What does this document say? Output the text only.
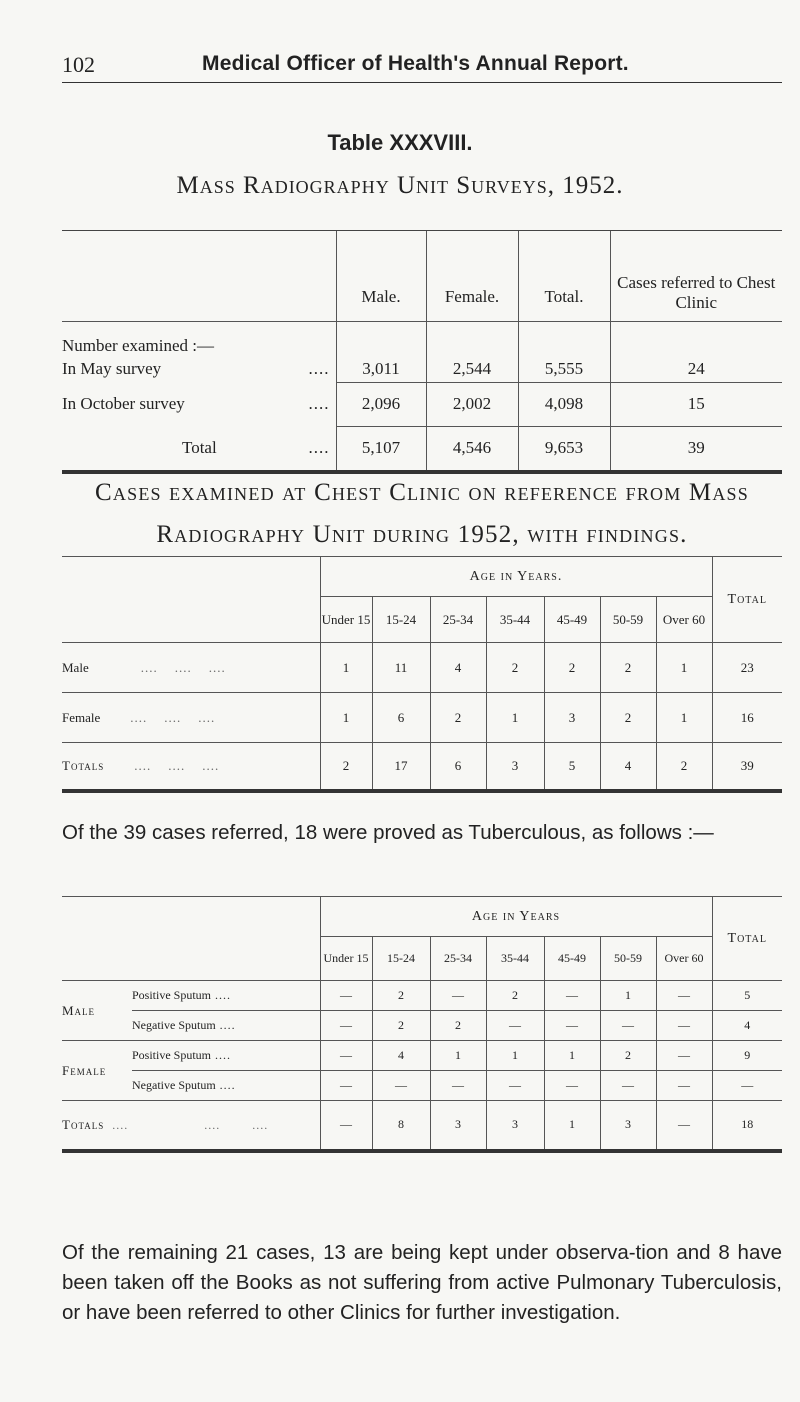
102	Medical Officer of Health's Annual Report.
Table XXXVIII.
Mass Radiography Unit Surveys, 1952.
	Male.	Female.	Total.	Cases referred to Chest Clinic
Number examined :—				
In May survey ....	3,011	2,544	5,555	24
In October survey ....	2,096	2,002	4,098	15
Total ....	5,107	4,546	9,653	39
Cases examined at Chest Clinic on reference from Mass
Radiography Unit during 1952, with findings.
	Age in Years.							Total
	Under 15	15-24	25-34	35-44	45-49	50-59	Over 60	
Male ....    ....    ....	1	11	4	2	2	2	1	23
Female ....    ....    ....	1	6	2	1	3	2	1	16
Totals ....    ....    ....	2	17	6	3	5	4	2	39
Of the 39 cases referred, 18 were proved as Tuberculous, as follows :—
		Age in Years							Total
		Under 15	15-24	25-34	35-44	45-49	50-59	Over 60	
Male	Positive Sputum ....	—	2	—	2	—	1	—	5
	Negative Sputum ....	—	2	2	—	—	—	—	4
Female	Positive Sputum ....	—	4	1	1	1	2	—	9
	Negative Sputum ....	—	—	—	—	—	—	—	—
Totals  ....                   ....        ....		—	8	3	3	1	3	—	18
Of the remaining 21 cases, 13 are being kept under observa-tion and 8 have been taken off the Books as not suffering from active Pulmonary Tuberculosis, or have been referred to other Clinics for further investigation.
